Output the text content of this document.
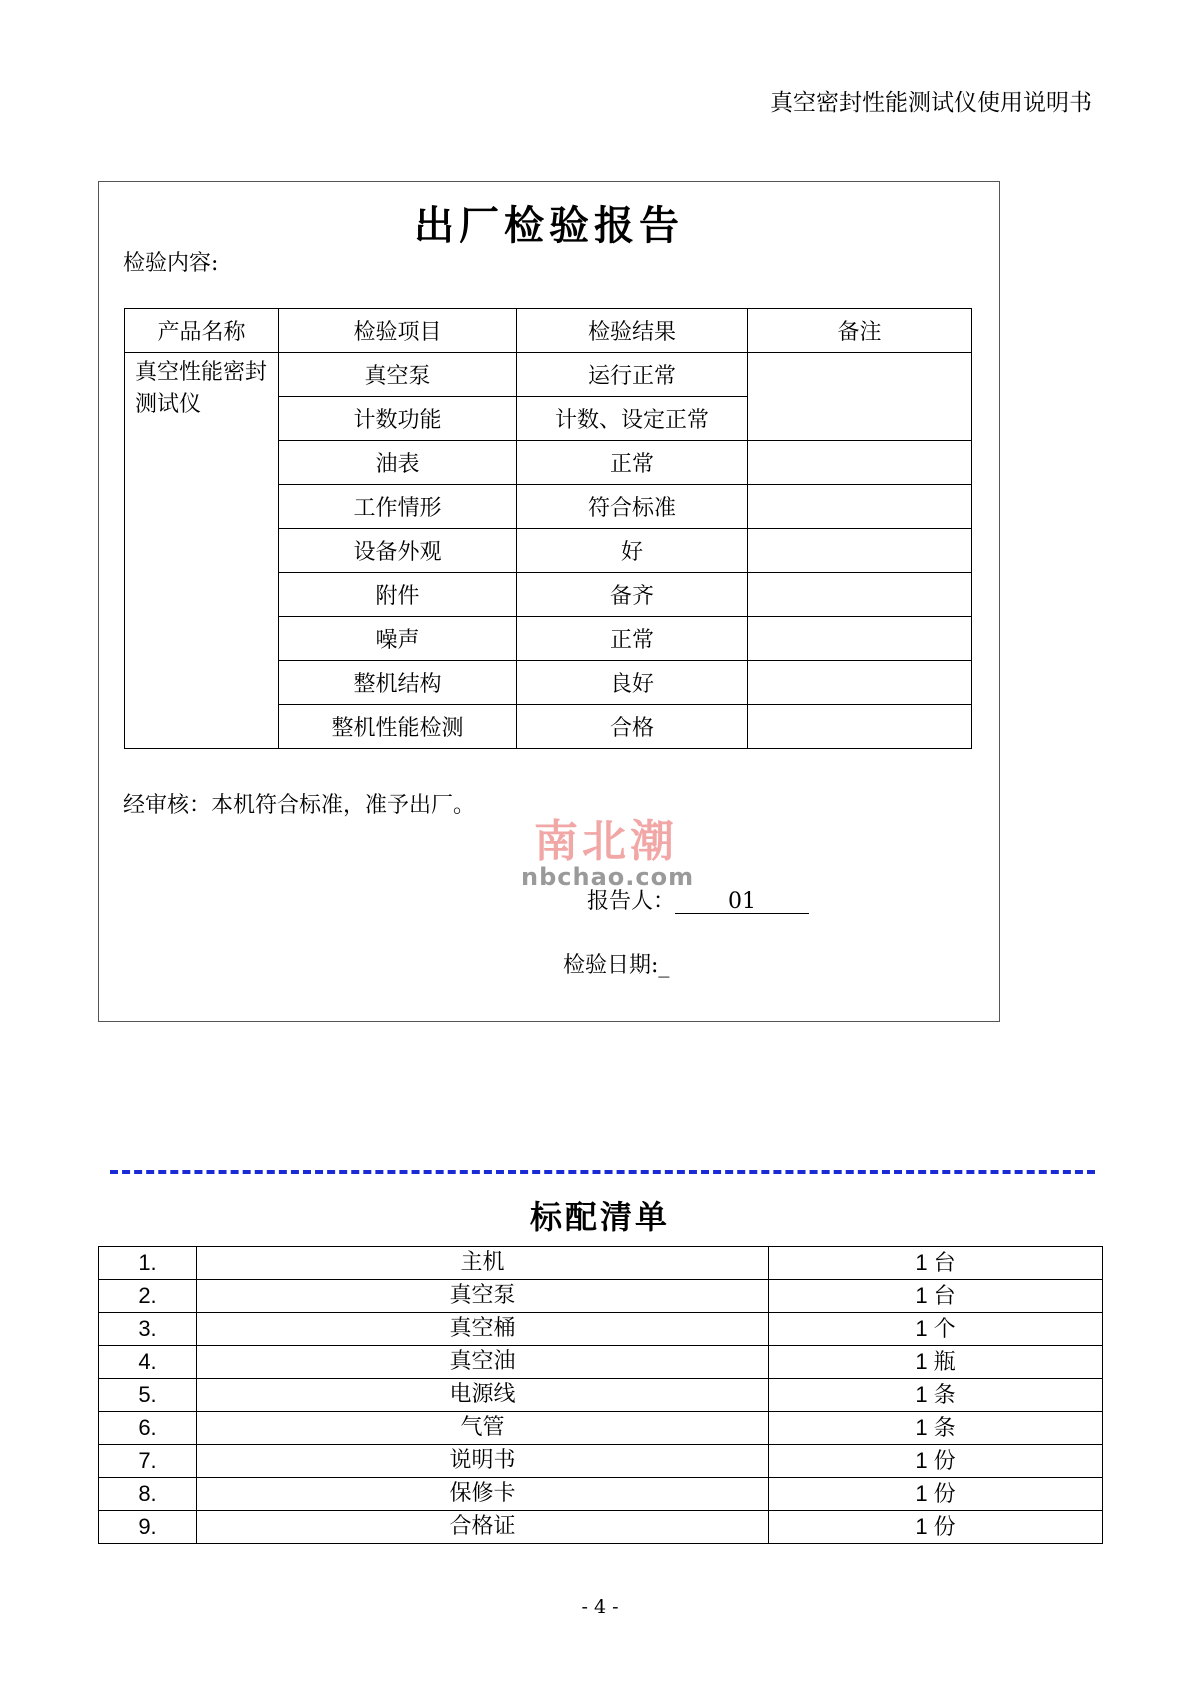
真空密封性能测试仪使用说明书
出厂检验报告
检验内容:
产品名称	检验项目	检验结果	备注
真空性能密封测试仪	真空泵	运行正常	
	计数功能	计数、设定正常	
	油表	正常	
	工作情形	符合标准	
	设备外观	好	
	附件	备齐	
	噪声	正常	
	整机结构	良好	
	整机性能检测	合格	
经审核：本机符合标准，准予出厂。
南北潮
nbchao.com
报告人： 01
检验日期:_
标配清单
1.	主机	1 台
2.	真空泵	1 台
3.	真空桶	1 个
4.	真空油	1 瓶
5.	电源线	1 条
6.	气管	1 条
7.	说明书	1 份
8.	保修卡	1 份
9.	合格证	1 份
- 4 -
